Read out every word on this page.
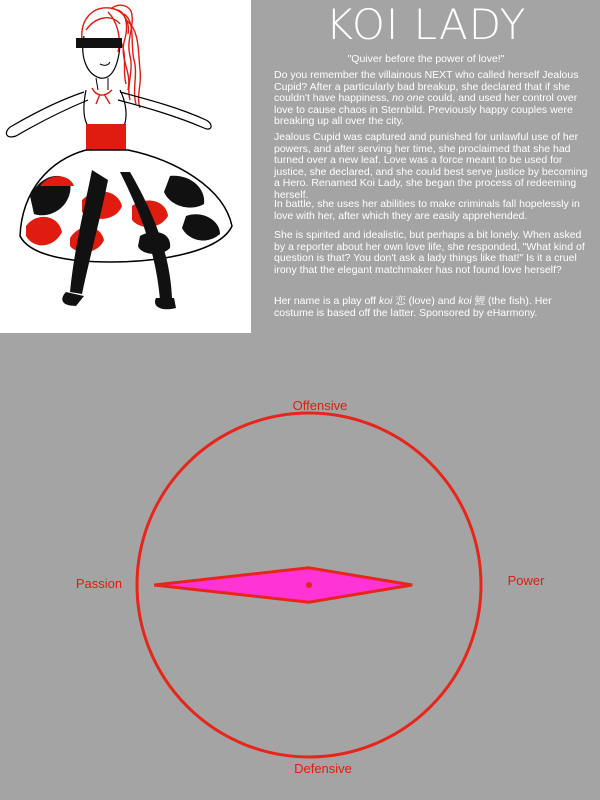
KOI LADY
"Quiver before the power of love!"

Do you remember the villainous NEXT who called herself Jealous Cupid? After a particularly bad breakup, she declared that if she couldn't have happiness, no one could, and used her control over love to cause chaos in Sternbild. Previously happy couples were breaking up all over the city.

Jealous Cupid was captured and punished for unlawful use of her powers, and after serving her time, she proclaimed that she had turned over a new leaf. Love was a force meant to be used for justice, she declared, and she could best serve justice by becoming a Hero. Renamed Koi Lady, she began the process of redeeming herself.

In battle, she uses her abilities to make criminals fall hopelessly in love with her, after which they are easily apprehended.

She is spirited and idealistic, but perhaps a bit lonely. When asked by a reporter about her own love life, she responded, "What kind of question is that? You don't ask a lady things like that!" Is it a cruel irony that the elegant matchmaker has not found love herself?

Her name is a play off koi 恋 (love) and koi 鯉 (the fish). Her costume is based off the latter. Sponsored by eHarmony.

Offensive
Power
Defensive
Passion
